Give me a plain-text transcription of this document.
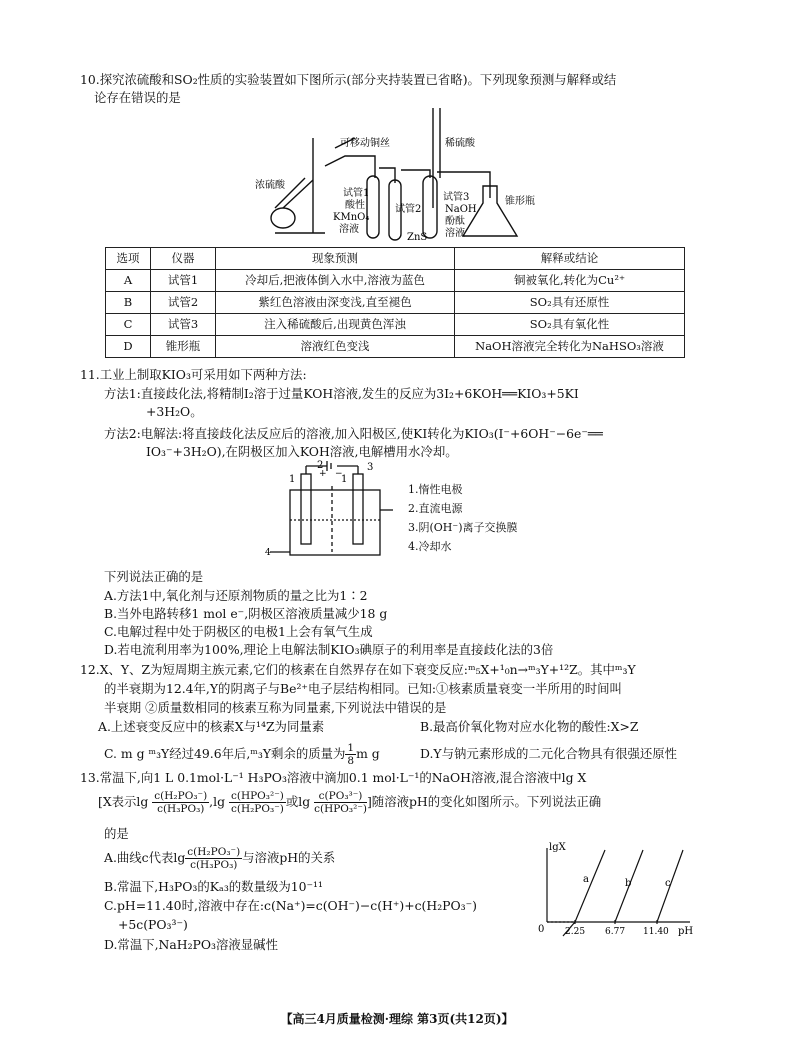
10.探究浓硫酸和SO₂性质的实验装置如下图所示(部分夹持装置已省略)。下列现象预测与解释或结
论存在错误的是
浓硫酸
可移动铜丝	稀硫酸
试管1
酸性
KMnO₄
溶液
试管2
试管3
NaOH
酚酞
溶液
ZnS
锥形瓶
选项	仪器	现象预测	解释或结论
A	试管1	冷却后,把液体倒入水中,溶液为蓝色	铜被氧化,转化为Cu²⁺
B	试管2	紫红色溶液由深变浅,直至褪色	SO₂具有还原性
C	试管3	注入稀硫酸后,出现黄色浑浊	SO₂具有氧化性
D	锥形瓶	溶液红色变浅	NaOH溶液完全转化为NaHSO₃溶液
11.工业上制取KIO₃可采用如下两种方法:
方法1:直接歧化法,将精制I₂溶于过量KOH溶液,发生的反应为3I₂+6KOH══KIO₃+5KI
+3H₂O。
方法2:电解法:将直接歧化法反应后的溶液,加入阳极区,使KI转化为KIO₃(I⁻+6OH⁻−6e⁻══
IO₃⁻+3H₂O),在阴极区加入KOH溶液,电解槽用水冷却。
1
2	3
1
+ −
4
1.惰性电极
2.直流电源
3.阴(OH⁻)离子交换膜
4.冷却水
下列说法正确的是
A.方法1中,氧化剂与还原剂物质的量之比为1∶2
B.当外电路转移1 mol e⁻,阴极区溶液质量减少18 g
C.电解过程中处于阴极区的电极1上会有氧气生成
D.若电流利用率为100%,理论上电解法制KIO₃碘原子的利用率是直接歧化法的3倍
12.X、Y、Z为短周期主族元素,它们的核素在自然界存在如下衰变反应:ᵐ₅X+¹₀n→ᵐ₃Y+¹²Z。其中ᵐ₃Y
的半衰期为12.4年,Y的阴离子与Be²⁺电子层结构相同。已知:①核素质量衰变一半所用的时间叫
半衰期 ②质量数相同的核素互称为同量素,下列说法中错误的是
A.上述衰变反应中的核素X与¹⁴Z为同量素	B.最高价氧化物对应水化物的酸性:X>Z
C. m g ᵐ₃Y经过49.6年后,ᵐ₃Y剩余的质量为 $\frac{1}{8}$ m g	D.Y与钠元素形成的二元化合物具有很强还原性
13.常温下,向1 L 0.1mol·L⁻¹ H₃PO₃溶液中滴加0.1 mol·L⁻¹的NaOH溶液,混合溶液中lg X
[X表示$\lg \frac{\text{c(H₂PO₃⁻)}}{\text{c(H₃PO₃)}} ,\lg \frac{\text{c(HPO₃²⁻)}}{\text{c(H₂PO₃⁻)}}$ 或$\lg \frac{\text{c(PO₃³⁻)}}{\text{c(HPO₃²⁻)}}$ ]随溶液pH的变化如图所示。下列说法正确
的是
A.曲线c代表$\lg \frac{\text{c(H₂PO₃⁻)}}{\text{c(H₃PO₃)}}$ 与溶液pH的关系
B.常温下,H₃PO₃的Kₐ₃的数量级为10⁻¹¹
C.pH=11.40时,溶液中存在:c(Na⁺)=c(OH⁻)−c(H⁺)+c(H₂PO₃⁻)
+5c(PO₃³⁻)
D.常温下,NaH₂PO₃溶液显碱性
lgX
pH
0 2.25 6.77 11.40
a	b	c
【高三4月质量检测·理综 第3页(共12页)】
